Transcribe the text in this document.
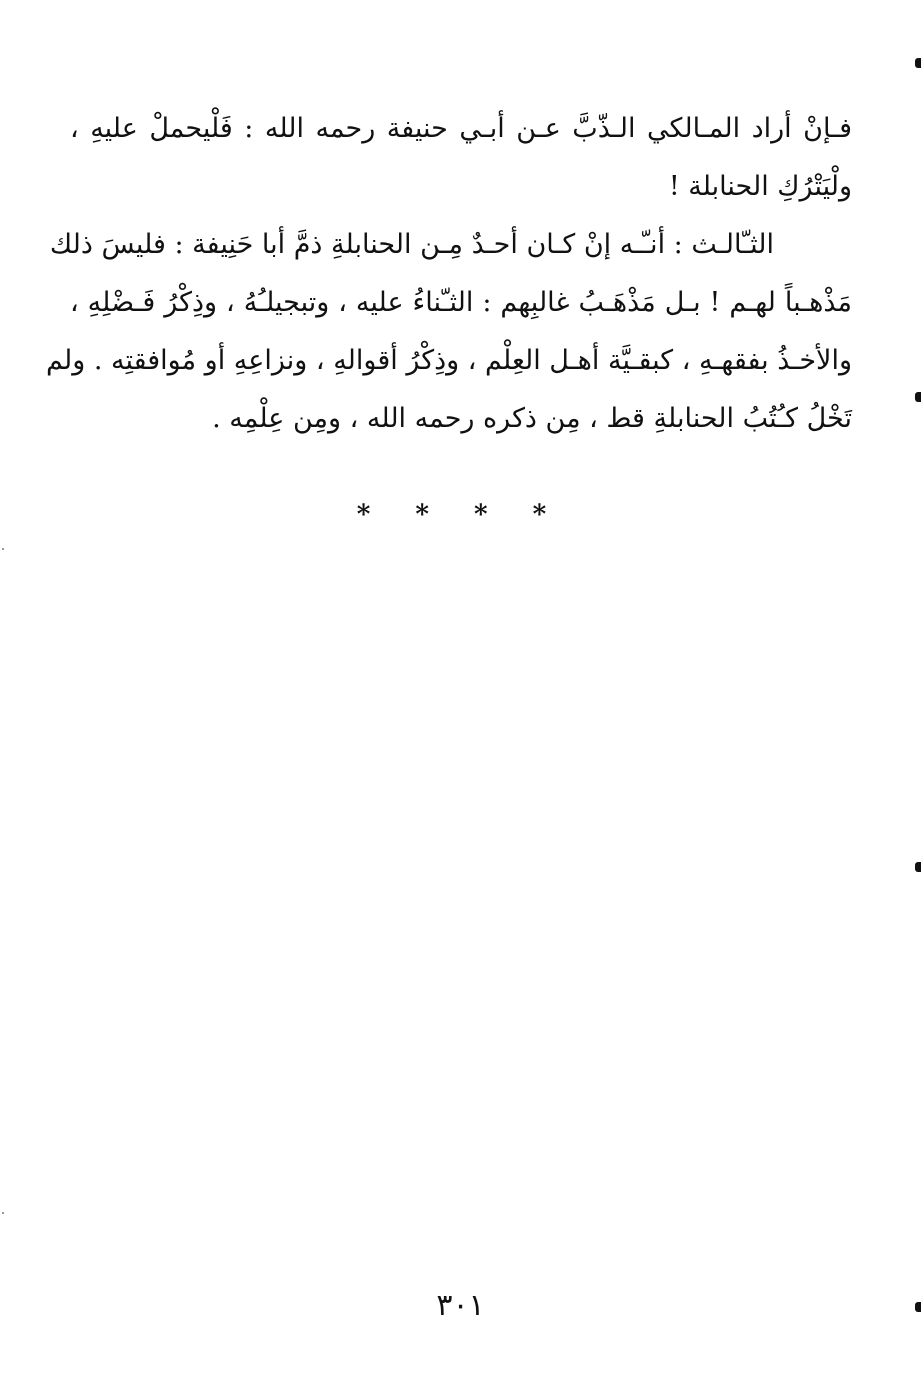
فـإنْ أراد المـالكي الـذّبَّ عـن أبـي حنيفة رحمه الله : فَلْيحملْ عليهِ ،
ولْيَتْرُكِ الحنابلة !
الثـّالـث : أنـّـه إنْ كـان أحـدٌ مِـن الحنابلةِ ذمَّ أبا حَنِيفة : فليسَ ذلك
مَذْهـباً لهـم ! بـل مَذْهَـبُ غالبِهم : الثـّناءُ عليه ، وتبجيلـُهُ ، وذِكْرُ فَـضْلِهِ ،
والأخـذُ بفقهـهِ ، كبقـيَّة أهـل العِلْم ، وذِكْرُ أقوالهِ ، ونزاعِهِ أو مُوافقتِه . ولم
تَخْلُ كـُتُبُ الحنابلةِ قط ، مِن ذكره رحمه الله ، ومِن عِلْمِه .
* * * *
٣٠١
